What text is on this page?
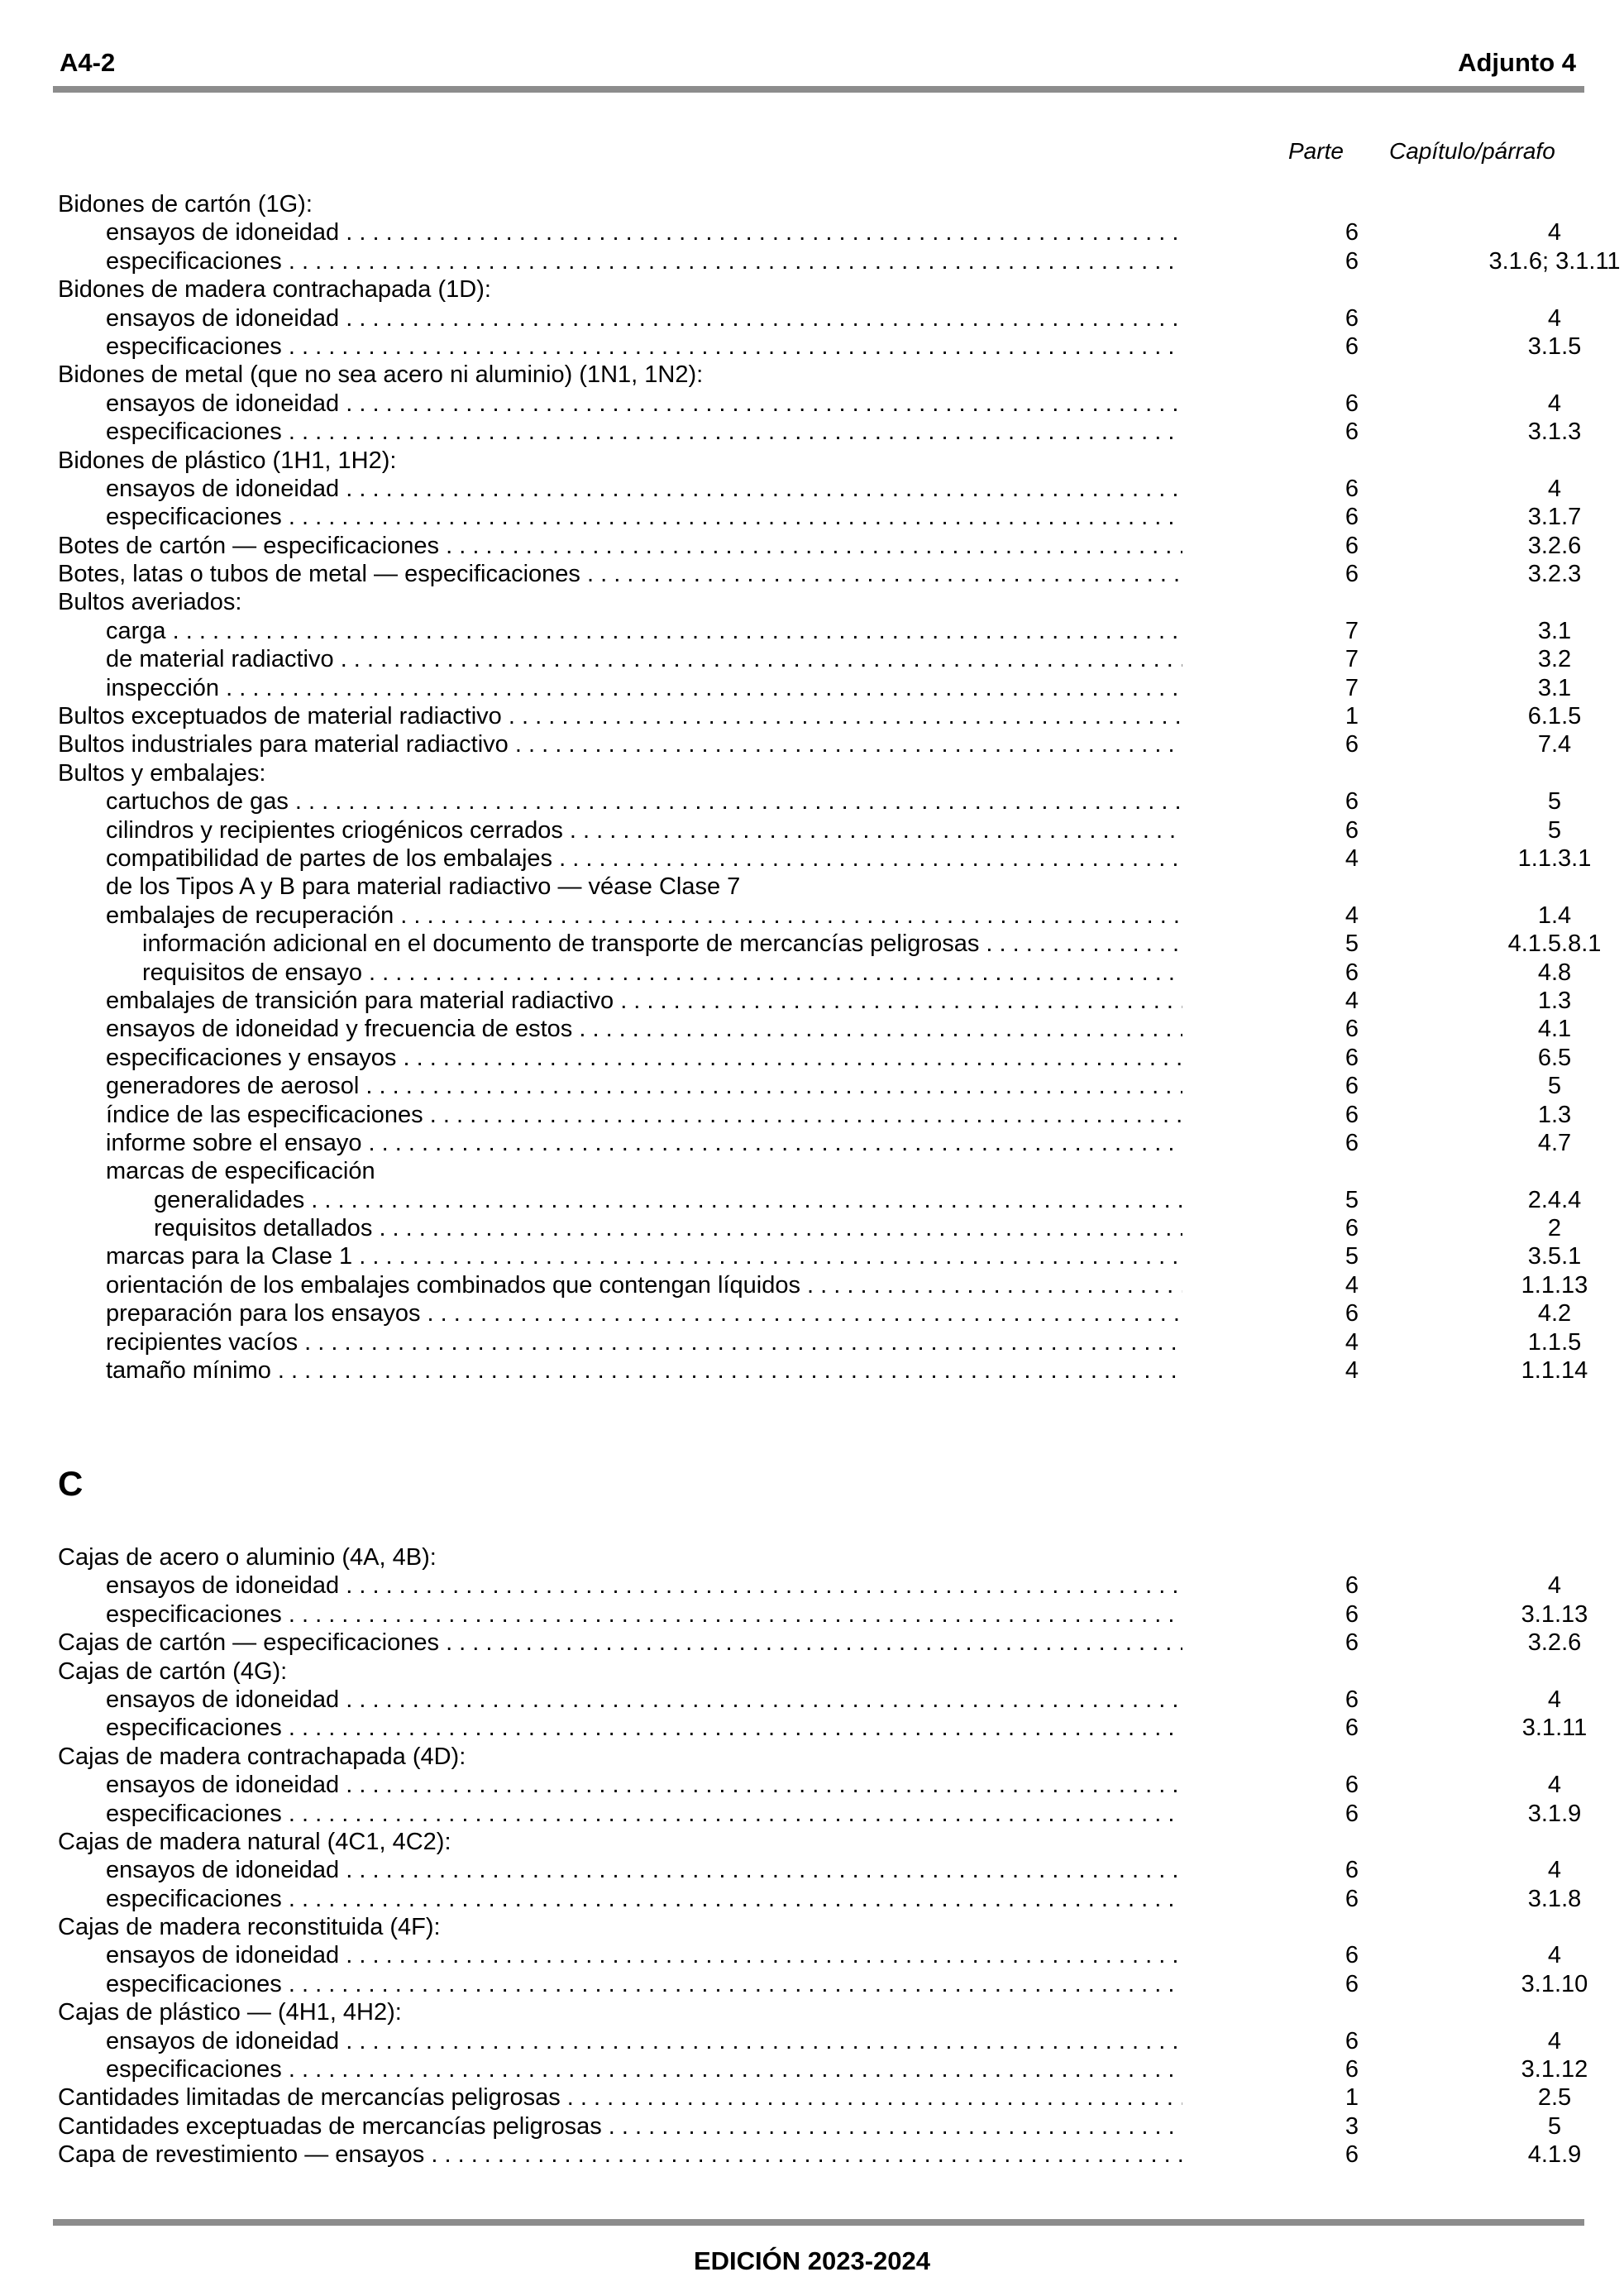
A4-2	Adjunto 4
Parte Capítulo/párrafo
Bidones de cartón (1G):
ensayos de idoneidad . . .	6	4
especificaciones . . .	6	3.1.6; 3.1.11
Bidones de madera contrachapada (1D):
ensayos de idoneidad . . .	6	4
especificaciones . . .	6	3.1.5
Bidones de metal (que no sea acero ni aluminio) (1N1, 1N2):
ensayos de idoneidad . . .	6	4
especificaciones . . .	6	3.1.3
Bidones de plástico (1H1, 1H2):
ensayos de idoneidad . . .	6	4
especificaciones . . .	6	3.1.7
Botes de cartón — especificaciones . . .	6	3.2.6
Botes, latas o tubos de metal — especificaciones . . .	6	3.2.3
Bultos averiados:
carga . . .	7	3.1
de material radiactivo . . .	7	3.2
inspección . . .	7	3.1
Bultos exceptuados de material radiactivo . . .	1	6.1.5
Bultos industriales para material radiactivo . . .	6	7.4
Bultos y embalajes:
cartuchos de gas . . .	6	5
cilindros y recipientes criogénicos cerrados . . .	6	5
compatibilidad de partes de los embalajes . . .	4	1.1.3.1
de los Tipos A y B para material radiactivo — véase Clase 7
embalajes de recuperación . . .	4	1.4
información adicional en el documento de transporte de mercancías peligrosas . . .	5	4.1.5.8.1
requisitos de ensayo . . .	6	4.8
embalajes de transición para material radiactivo . . .	4	1.3
ensayos de idoneidad y frecuencia de estos . . .	6	4.1
especificaciones y ensayos . . .	6	6.5
generadores de aerosol . . .	6	5
índice de las especificaciones . . .	6	1.3
informe sobre el ensayo . . .	6	4.7
marcas de especificación
generalidades . . .	5	2.4.4
requisitos detallados . . .	6	2
marcas para la Clase 1 . . .	5	3.5.1
orientación de los embalajes combinados que contengan líquidos . . .	4	1.1.13
preparación para los ensayos . . .	6	4.2
recipientes vacíos . . .	4	1.1.5
tamaño mínimo . . .	4	1.1.14
C
Cajas de acero o aluminio (4A, 4B):
ensayos de idoneidad . . .	6	4
especificaciones . . .	6	3.1.13
Cajas de cartón — especificaciones . . .	6	3.2.6
Cajas de cartón (4G):
ensayos de idoneidad . . .	6	4
especificaciones . . .	6	3.1.11
Cajas de madera contrachapada (4D):
ensayos de idoneidad . . .	6	4
especificaciones . . .	6	3.1.9
Cajas de madera natural (4C1, 4C2):
ensayos de idoneidad . . .	6	4
especificaciones . . .	6	3.1.8
Cajas de madera reconstituida (4F):
ensayos de idoneidad . . .	6	4
especificaciones . . .	6	3.1.10
Cajas de plástico — (4H1, 4H2):
ensayos de idoneidad . . .	6	4
especificaciones . . .	6	3.1.12
Cantidades limitadas de mercancías peligrosas . . .	1	2.5
Cantidades exceptuadas de mercancías peligrosas . . .	3	5
Capa de revestimiento — ensayos . . .	6	4.1.9
EDICIÓN 2023-2024
